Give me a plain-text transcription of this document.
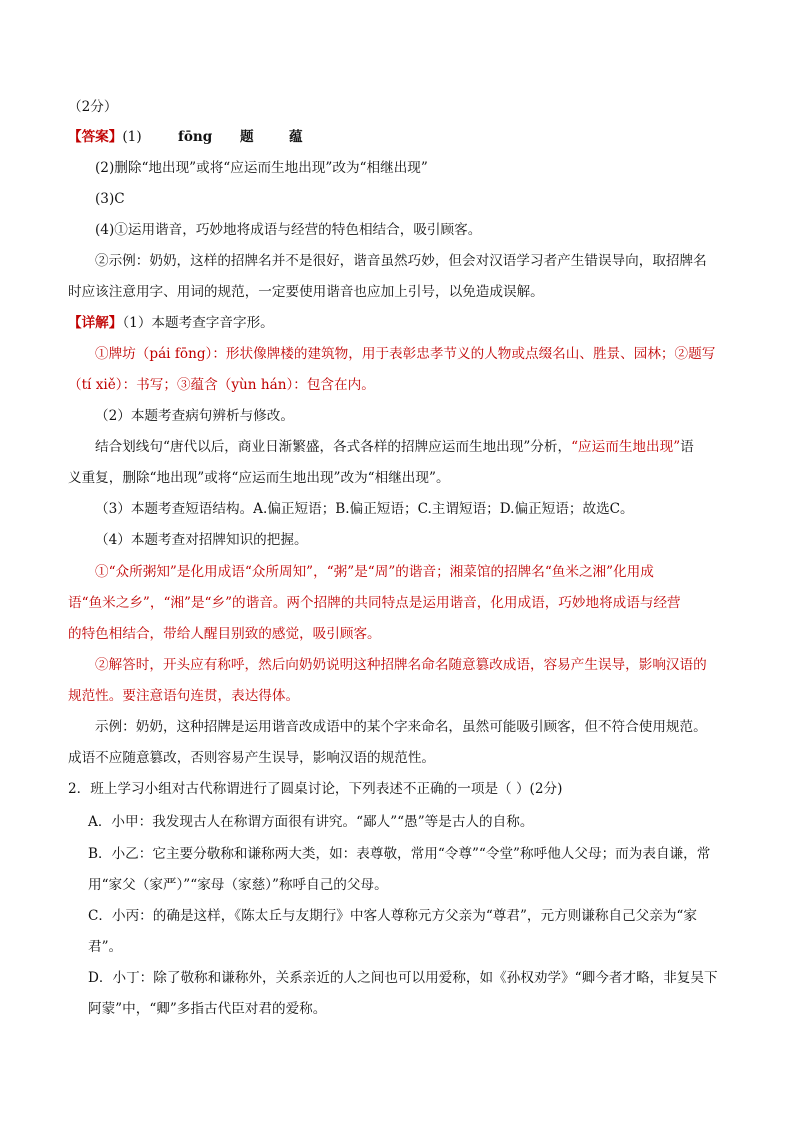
（2分）
【答案】(1)	fōng 题	蕴
(2)删除“地出现”或将“应运而生地出现”改为“相继出现”
(3)C
(4)①运用谐音，巧妙地将成语与经营的特色相结合，吸引顾客。
②示例：奶奶，这样的招牌名并不是很好，谐音虽然巧妙，但会对汉语学习者产生错误导向，取招牌名
时应该注意用字、用词的规范，一定要使用谐音也应加上引号，以免造成误解。
【详解】（1）本题考查字音字形。
①牌坊（pái fōng）：形状像牌楼的建筑物，用于表彰忠孝节义的人物或点缀名山、胜景、园林；②题写
（tí xiě）：书写；③蕴含（yùn hán）：包含在内。
（2）本题考查病句辨析与修改。
结合划线句“唐代以后，商业日渐繁盛，各式各样的招牌应运而生地出现”分析，“应运而生地出现”语
义重复，删除“地出现”或将“应运而生地出现”改为“相继出现”。
（3）本题考查短语结构。A.偏正短语；B.偏正短语；C.主谓短语；D.偏正短语；故选C。
（4）本题考查对招牌知识的把握。
①“众所粥知”是化用成语“众所周知”，“粥”是“周”的谐音；湘菜馆的招牌名“鱼米之湘”化用成
语“鱼米之乡”，“湘”是“乡”的谐音。两个招牌的共同特点是运用谐音，化用成语，巧妙地将成语与经营
的特色相结合，带给人醒目别致的感觉，吸引顾客。
②解答时，开头应有称呼，然后向奶奶说明这种招牌名命名随意篡改成语，容易产生误导，影响汉语的
规范性。要注意语句连贯，表达得体。
示例：奶奶，这种招牌是运用谐音改成语中的某个字来命名，虽然可能吸引顾客，但不符合使用规范。
成语不应随意篡改，否则容易产生误导，影响汉语的规范性。
2．班上学习小组对古代称谓进行了圆桌讨论，下列表述不正确的一项是（ ）(2分)
A．小甲：我发现古人在称谓方面很有讲究。“鄙人”“愚”等是古人的自称。
B．小乙：它主要分敬称和谦称两大类，如：表尊敬，常用“令尊”“令堂”称呼他人父母；而为表自谦，常
用“家父（家严）”“家母（家慈）”称呼自己的父母。
C．小丙：的确是这样，《陈太丘与友期行》中客人尊称元方父亲为“尊君”，元方则谦称自己父亲为“家
君”。
D．小丁：除了敬称和谦称外，关系亲近的人之间也可以用爱称，如《孙权劝学》“卿今者才略，非复吴下
阿蒙”中，“卿”多指古代臣对君的爱称。
